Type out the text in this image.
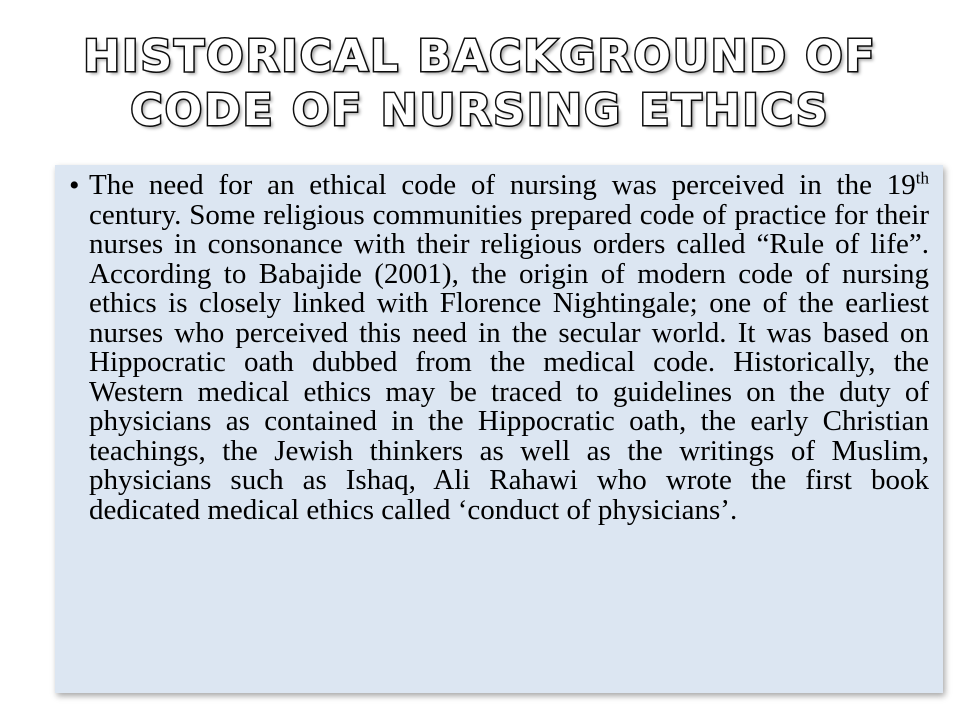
HISTORICAL BACKGROUND OF
CODE OF NURSING ETHICS
• The need for an ethical code of nursing was perceived in the 19th century. Some religious communities prepared code of practice for their nurses in consonance with their religious orders called “Rule of life”. According to Babajide (2001), the origin of modern code of nursing ethics is closely linked with Florence Nightingale; one of the earliest nurses who perceived this need in the secular world. It was based on Hippocratic oath dubbed from the medical code. Historically, the Western medical ethics may be traced to guidelines on the duty of physicians as contained in the Hippocratic oath, the early Christian teachings, the Jewish thinkers as well as the writings of Muslim, physicians such as Ishaq, Ali Rahawi who wrote the first book dedicated medical ethics called ‘conduct of physicians’.
